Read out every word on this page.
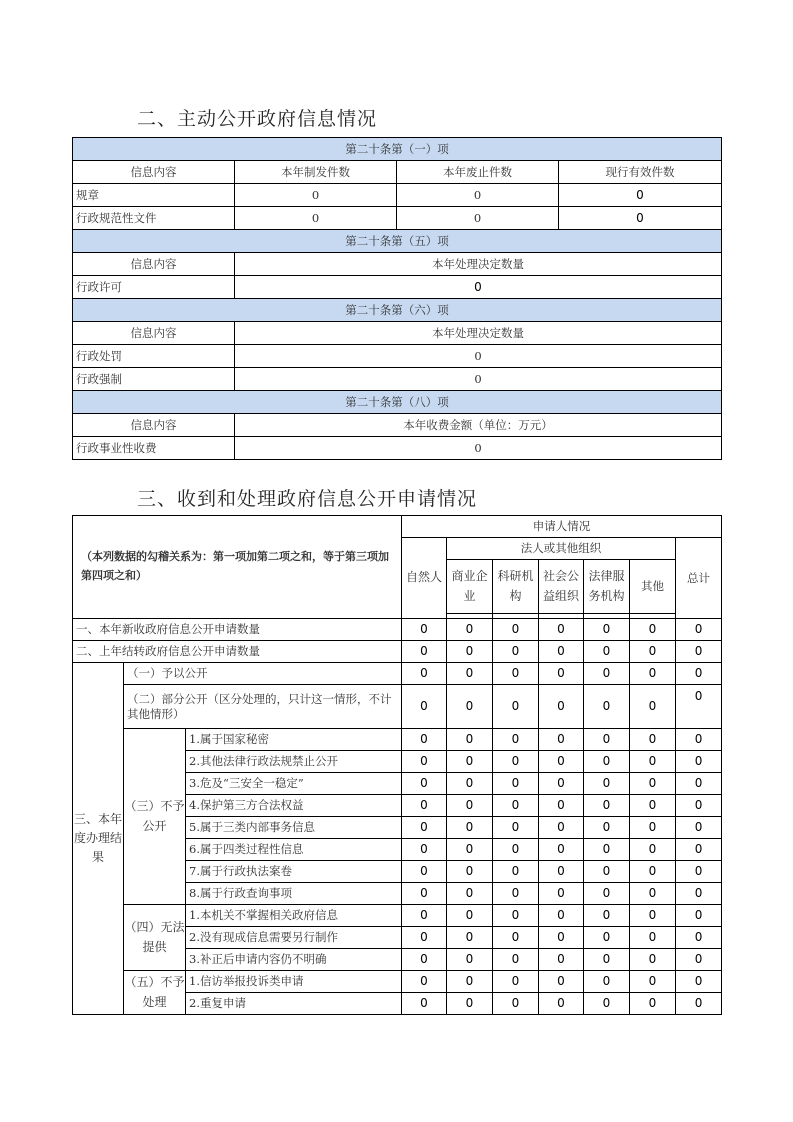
二、主动公开政府信息情况
第二十条第（一）项			
信息内容	本年制发件数	本年废止件数	现行有效件数
规章	0	0	0
行政规范性文件	0	0	0
第二十条第（五）项			
信息内容	本年处理决定数量		
行政许可	0		
第二十条第（六）项			
信息内容	本年处理决定数量		
行政处罚	0		
行政强制	0		
第二十条第（八）项			
信息内容	本年收费金额（单位：万元）		
行政事业性收费	0		
三、收到和处理政府信息公开申请情况
（本列数据的勾稽关系为：第一项加第二项之和，等于第三项加第四项之和）			申请人情况						
			自然人	法人或其他组织					总计
				商业企业	科研机构	社会公益组织	法律服务机构	其他	

一、本年新收政府信息公开申请数量			0	0	0	0	0	0	0
二、上年结转政府信息公开申请数量			0	0	0	0	0	0	0
三、本年度办理结果	（一）予以公开		0	0	0	0	0	0	0
	（二）部分公开（区分处理的，只计这一情形，不计其他情形）		0	0	0	0	0	0	0
	（三）不予公开	1.属于国家秘密	0	0	0	0	0	0	0
		2.其他法律行政法规禁止公开	0	0	0	0	0	0	0
		3.危及“三安全一稳定”	0	0	0	0	0	0	0
		4.保护第三方合法权益	0	0	0	0	0	0	0
		5.属于三类内部事务信息	0	0	0	0	0	0	0
		6.属于四类过程性信息	0	0	0	0	0	0	0
		7.属于行政执法案卷	0	0	0	0	0	0	0
		8.属于行政查询事项	0	0	0	0	0	0	0
	（四）无法提供	1.本机关不掌握相关政府信息	0	0	0	0	0	0	0
		2.没有现成信息需要另行制作	0	0	0	0	0	0	0
		3.补正后申请内容仍不明确	0	0	0	0	0	0	0
	（五）不予处理	1.信访举报投诉类申请	0	0	0	0	0	0	0
		2.重复申请	0	0	0	0	0	0	0
